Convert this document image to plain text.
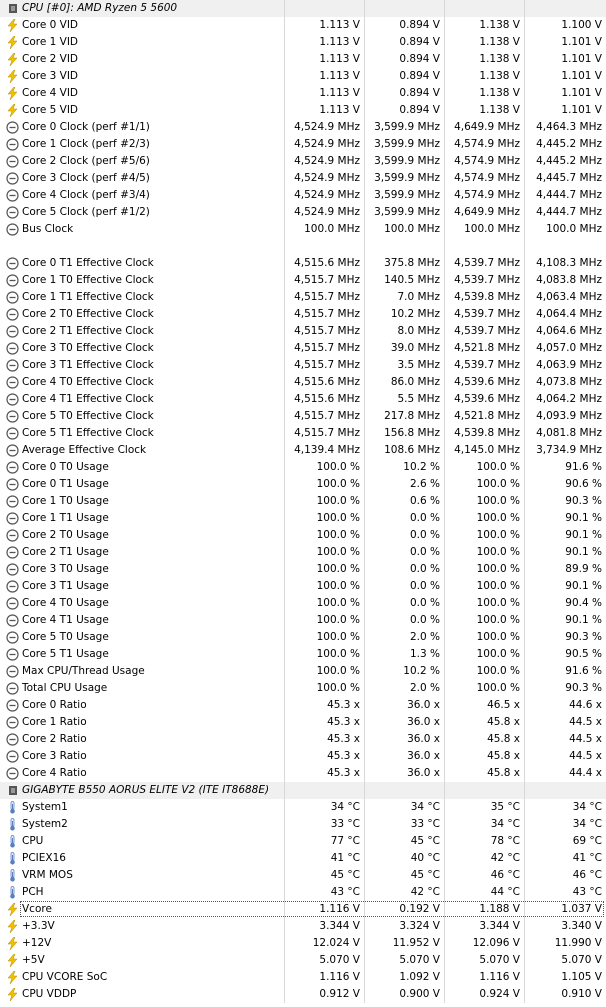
CPU [#0]: AMD Ryzen 5 5600
Core 0 VID	1.113 V	0.894 V	1.138 V	1.100 V
Core 1 VID	1.113 V	0.894 V	1.138 V	1.101 V
Core 2 VID	1.113 V	0.894 V	1.138 V	1.101 V
Core 3 VID	1.113 V	0.894 V	1.138 V	1.101 V
Core 4 VID	1.113 V	0.894 V	1.138 V	1.101 V
Core 5 VID	1.113 V	0.894 V	1.138 V	1.101 V
Core 0 Clock (perf #1/1)	4,524.9 MHz	3,599.9 MHz	4,649.9 MHz	4,464.3 MHz
Core 1 Clock (perf #2/3)	4,524.9 MHz	3,599.9 MHz	4,574.9 MHz	4,445.2 MHz
Core 2 Clock (perf #5/6)	4,524.9 MHz	3,599.9 MHz	4,574.9 MHz	4,445.2 MHz
Core 3 Clock (perf #4/5)	4,524.9 MHz	3,599.9 MHz	4,574.9 MHz	4,445.7 MHz
Core 4 Clock (perf #3/4)	4,524.9 MHz	3,599.9 MHz	4,574.9 MHz	4,444.7 MHz
Core 5 Clock (perf #1/2)	4,524.9 MHz	3,599.9 MHz	4,649.9 MHz	4,444.7 MHz
Bus Clock	100.0 MHz	100.0 MHz	100.0 MHz	100.0 MHz
Core 0 T1 Effective Clock	4,515.6 MHz	375.8 MHz	4,539.7 MHz	4,108.3 MHz
Core 1 T0 Effective Clock	4,515.7 MHz	140.5 MHz	4,539.7 MHz	4,083.8 MHz
Core 1 T1 Effective Clock	4,515.7 MHz	7.0 MHz	4,539.8 MHz	4,063.4 MHz
Core 2 T0 Effective Clock	4,515.7 MHz	10.2 MHz	4,539.7 MHz	4,064.4 MHz
Core 2 T1 Effective Clock	4,515.7 MHz	8.0 MHz	4,539.7 MHz	4,064.6 MHz
Core 3 T0 Effective Clock	4,515.7 MHz	39.0 MHz	4,521.8 MHz	4,057.0 MHz
Core 3 T1 Effective Clock	4,515.7 MHz	3.5 MHz	4,539.7 MHz	4,063.9 MHz
Core 4 T0 Effective Clock	4,515.6 MHz	86.0 MHz	4,539.6 MHz	4,073.8 MHz
Core 4 T1 Effective Clock	4,515.6 MHz	5.5 MHz	4,539.6 MHz	4,064.2 MHz
Core 5 T0 Effective Clock	4,515.7 MHz	217.8 MHz	4,521.8 MHz	4,093.9 MHz
Core 5 T1 Effective Clock	4,515.7 MHz	156.8 MHz	4,539.8 MHz	4,081.8 MHz
Average Effective Clock	4,139.4 MHz	108.6 MHz	4,145.0 MHz	3,734.9 MHz
Core 0 T0 Usage	100.0 %	10.2 %	100.0 %	91.6 %
Core 0 T1 Usage	100.0 %	2.6 %	100.0 %	90.6 %
Core 1 T0 Usage	100.0 %	0.6 %	100.0 %	90.3 %
Core 1 T1 Usage	100.0 %	0.0 %	100.0 %	90.1 %
Core 2 T0 Usage	100.0 %	0.0 %	100.0 %	90.1 %
Core 2 T1 Usage	100.0 %	0.0 %	100.0 %	90.1 %
Core 3 T0 Usage	100.0 %	0.0 %	100.0 %	89.9 %
Core 3 T1 Usage	100.0 %	0.0 %	100.0 %	90.1 %
Core 4 T0 Usage	100.0 %	0.0 %	100.0 %	90.4 %
Core 4 T1 Usage	100.0 %	0.0 %	100.0 %	90.1 %
Core 5 T0 Usage	100.0 %	2.0 %	100.0 %	90.3 %
Core 5 T1 Usage	100.0 %	1.3 %	100.0 %	90.5 %
Max CPU/Thread Usage	100.0 %	10.2 %	100.0 %	91.6 %
Total CPU Usage	100.0 %	2.0 %	100.0 %	90.3 %
Core 0 Ratio	45.3 x	36.0 x	46.5 x	44.6 x
Core 1 Ratio	45.3 x	36.0 x	45.8 x	44.5 x
Core 2 Ratio	45.3 x	36.0 x	45.8 x	44.5 x
Core 3 Ratio	45.3 x	36.0 x	45.8 x	44.5 x
Core 4 Ratio	45.3 x	36.0 x	45.8 x	44.4 x
GIGABYTE B550 AORUS ELITE V2 (ITE IT8688E)
System1	34 °C	34 °C	35 °C	34 °C
System2	33 °C	33 °C	34 °C	34 °C
CPU	77 °C	45 °C	78 °C	69 °C
PCIEX16	41 °C	40 °C	42 °C	41 °C
VRM MOS	45 °C	45 °C	46 °C	46 °C
PCH	43 °C	42 °C	44 °C	43 °C
Vcore	1.116 V	0.192 V	1.188 V	1.037 V
+3.3V	3.344 V	3.324 V	3.344 V	3.340 V
+12V	12.024 V	11.952 V	12.096 V	11.990 V
+5V	5.070 V	5.070 V	5.070 V	5.070 V
CPU VCORE SoC	1.116 V	1.092 V	1.116 V	1.105 V
CPU VDDP	0.912 V	0.900 V	0.924 V	0.910 V
